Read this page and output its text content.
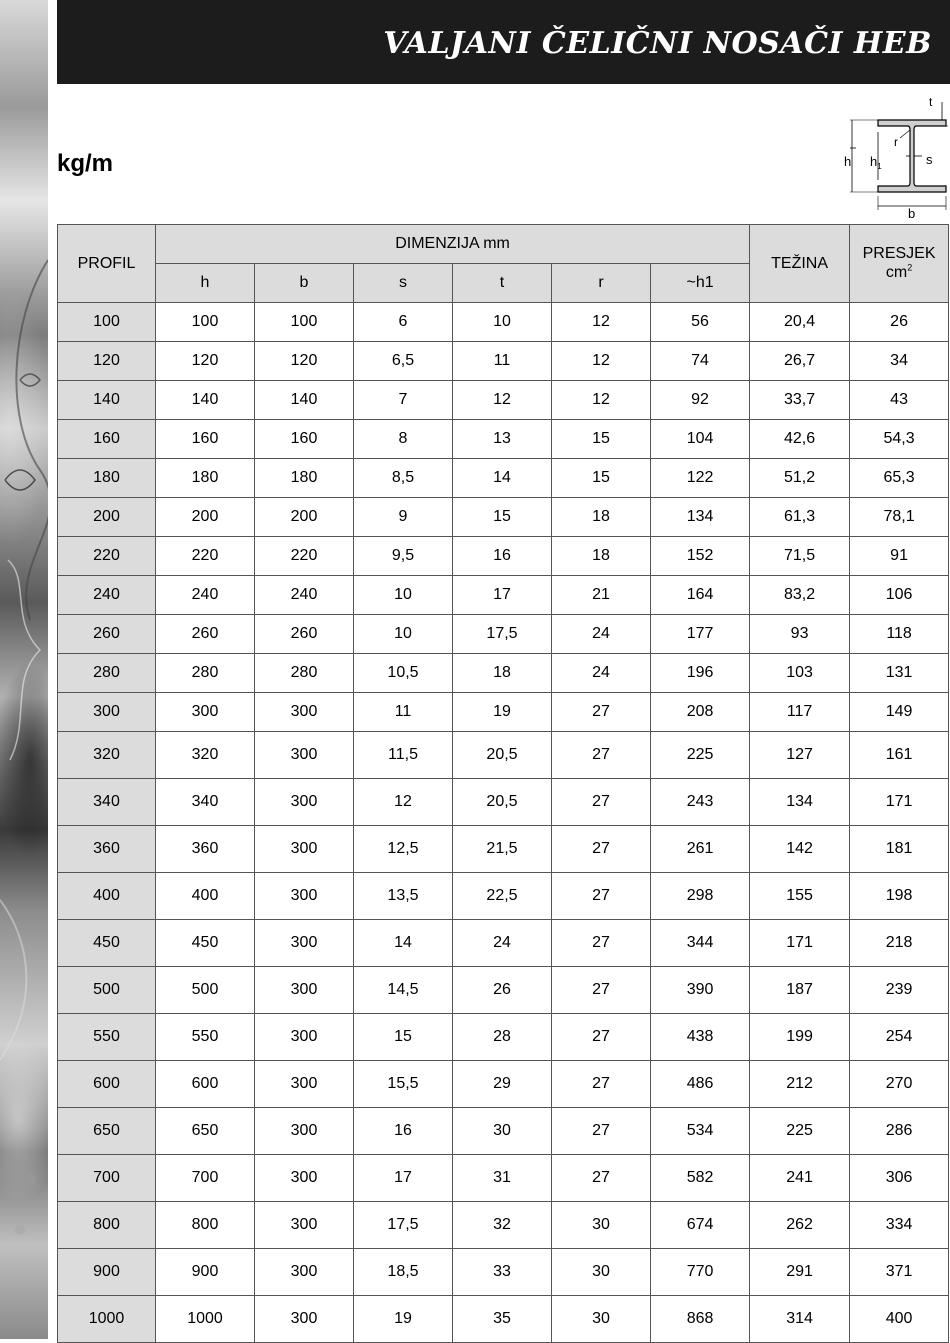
VALJANI ČELIČNI NOSAČI HEB
kg/m
t
r
h $h_1$	s
b
PROFIL	DIMENZIJA mm						TEŽINA	PRESJEK
$cm^2$
	h	b	s	t	r	~h1		
100	100	100	6	10	12	56	20,4	26
120	120	120	6,5	11	12	74	26,7	34
140	140	140	7	12	12	92	33,7	43
160	160	160	8	13	15	104	42,6	54,3
180	180	180	8,5	14	15	122	51,2	65,3
200	200	200	9	15	18	134	61,3	78,1
220	220	220	9,5	16	18	152	71,5	91
240	240	240	10	17	21	164	83,2	106
260	260	260	10	17,5	24	177	93	118
280	280	280	10,5	18	24	196	103	131
300	300	300	11	19	27	208	117	149
320	320	300	11,5	20,5	27	225	127	161
340	340	300	12	20,5	27	243	134	171
360	360	300	12,5	21,5	27	261	142	181
400	400	300	13,5	22,5	27	298	155	198
450	450	300	14	24	27	344	171	218
500	500	300	14,5	26	27	390	187	239
550	550	300	15	28	27	438	199	254
600	600	300	15,5	29	27	486	212	270
650	650	300	16	30	27	534	225	286
700	700	300	17	31	27	582	241	306
800	800	300	17,5	32	30	674	262	334
900	900	300	18,5	33	30	770	291	371
1000	1000	300	19	35	30	868	314	400
